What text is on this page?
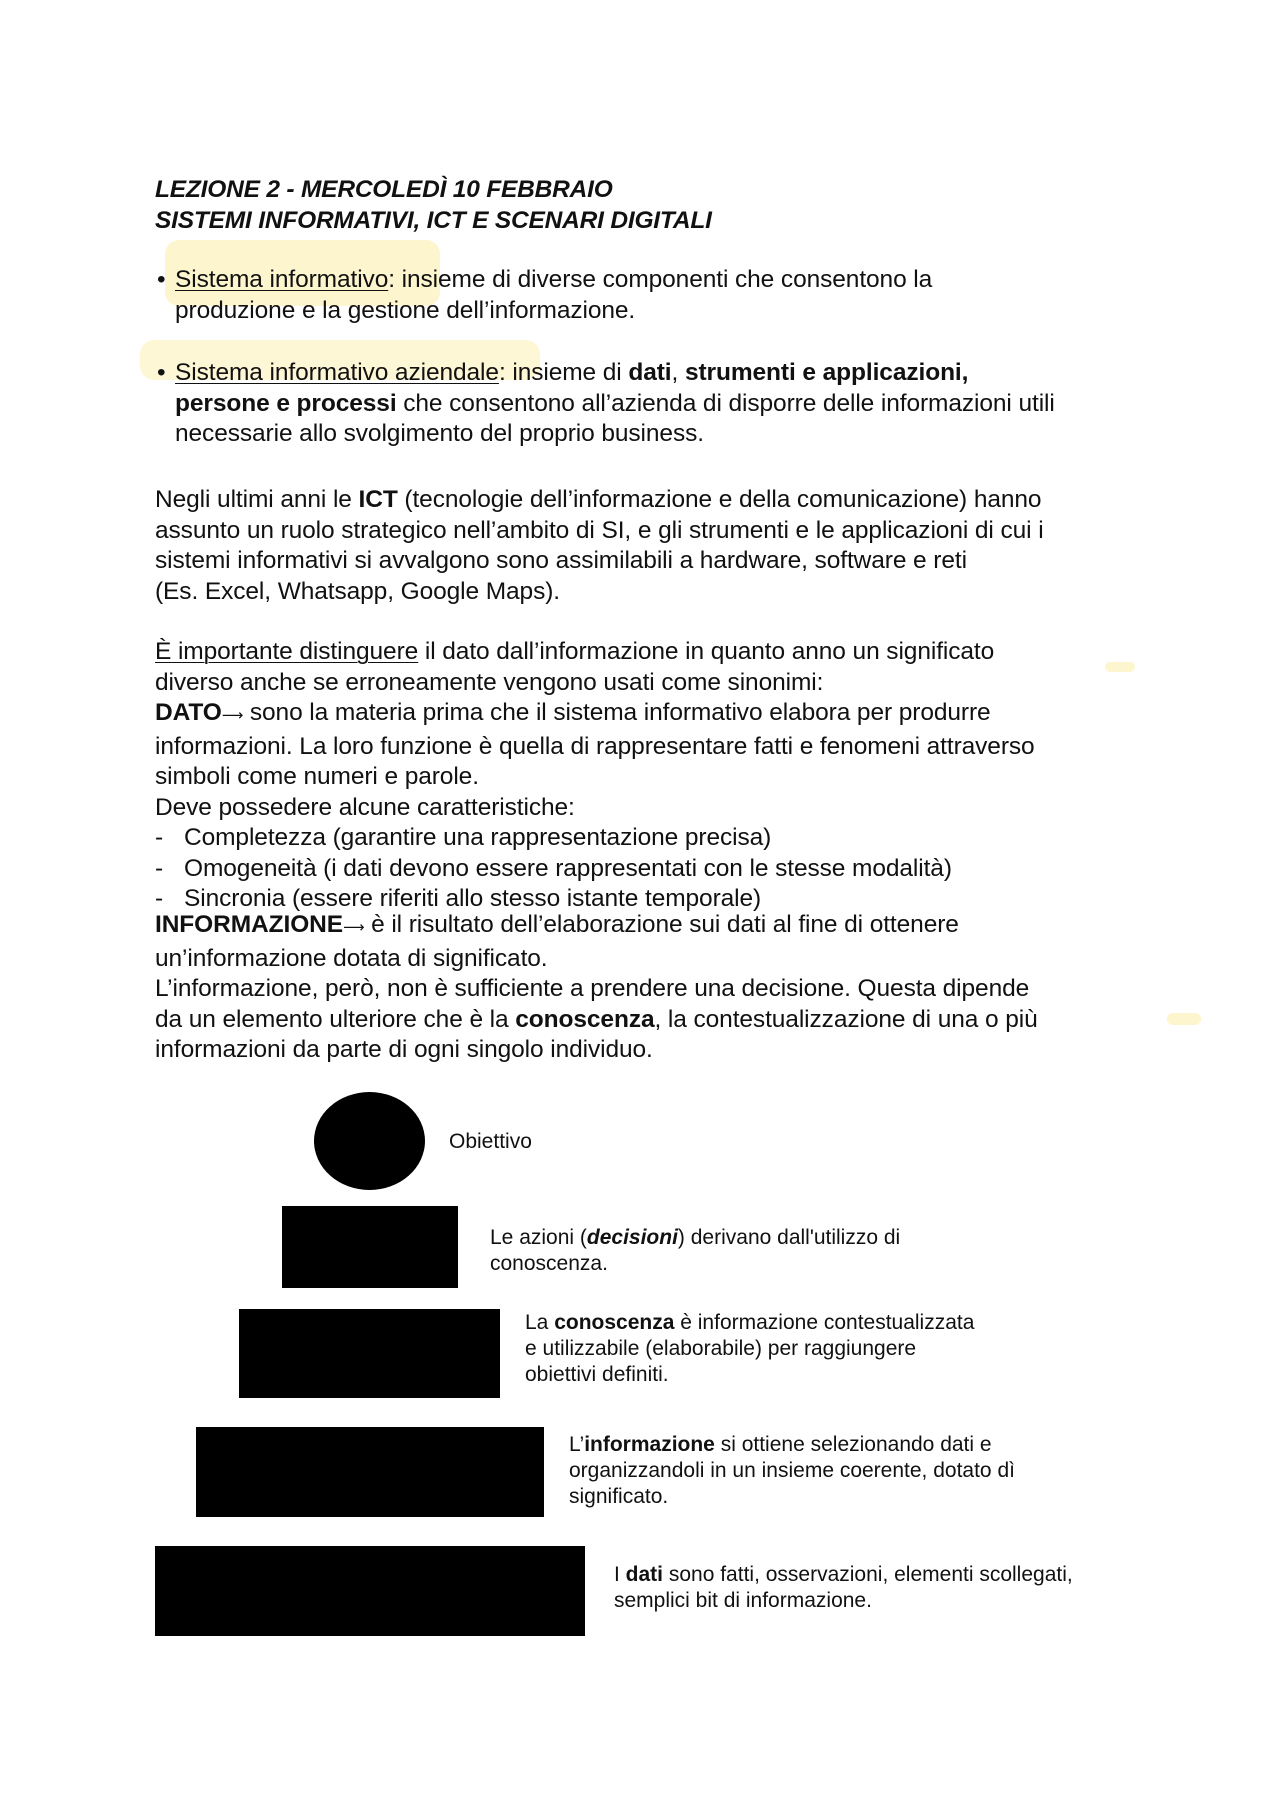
LEZIONE 2 - MERCOLEDÌ 10 FEBBRAIO
SISTEMI INFORMATIVI, ICT E SCENARI DIGITALI
• Sistema informativo: insieme di diverse componenti che consentono la
produzione e la gestione dell’informazione.
• Sistema informativo aziendale: insieme di dati, strumenti e applicazioni,
persone e processi che consentono all’azienda di disporre delle informazioni utili
necessarie allo svolgimento del proprio business.
Negli ultimi anni le ICT (tecnologie dell’informazione e della comunicazione) hanno
assunto un ruolo strategico nell’ambito di SI, e gli strumenti e le applicazioni di cui i
sistemi informativi si avvalgono sono assimilabili a hardware, software e reti
(Es. Excel, Whatsapp, Google Maps).
È importante distinguere il dato dall’informazione in quanto anno un significato
diverso anche se erroneamente vengono usati come sinonimi:
DATO⟶ sono la materia prima che il sistema informativo elabora per produrre
informazioni. La loro funzione è quella di rappresentare fatti e fenomeni attraverso
simboli come numeri e parole.
Deve possedere alcune caratteristiche:
- Completezza (garantire una rappresentazione precisa)
- Omogeneità (i dati devono essere rappresentati con le stesse modalità)
- Sincronia (essere riferiti allo stesso istante temporale)
INFORMAZIONE⟶ è il risultato dell’elaborazione sui dati al fine di ottenere
un’informazione dotata di significato.
L’informazione, però, non è sufficiente a prendere una decisione. Questa dipende
da un elemento ulteriore che è la conoscenza, la contestualizzazione di una o più
informazioni da parte di ogni singolo individuo.
Obiettivo
Le azioni (decisioni) derivano dall'utilizzo di
conoscenza.
La conoscenza è informazione contestualizzata
e utilizzabile (elaborabile) per raggiungere
obiettivi definiti.
L’informazione si ottiene selezionando dati e
organizzandoli in un insieme coerente, dotato dì
significato.
I dati sono fatti, osservazioni, elementi scollegati,
semplici bit di informazione.
